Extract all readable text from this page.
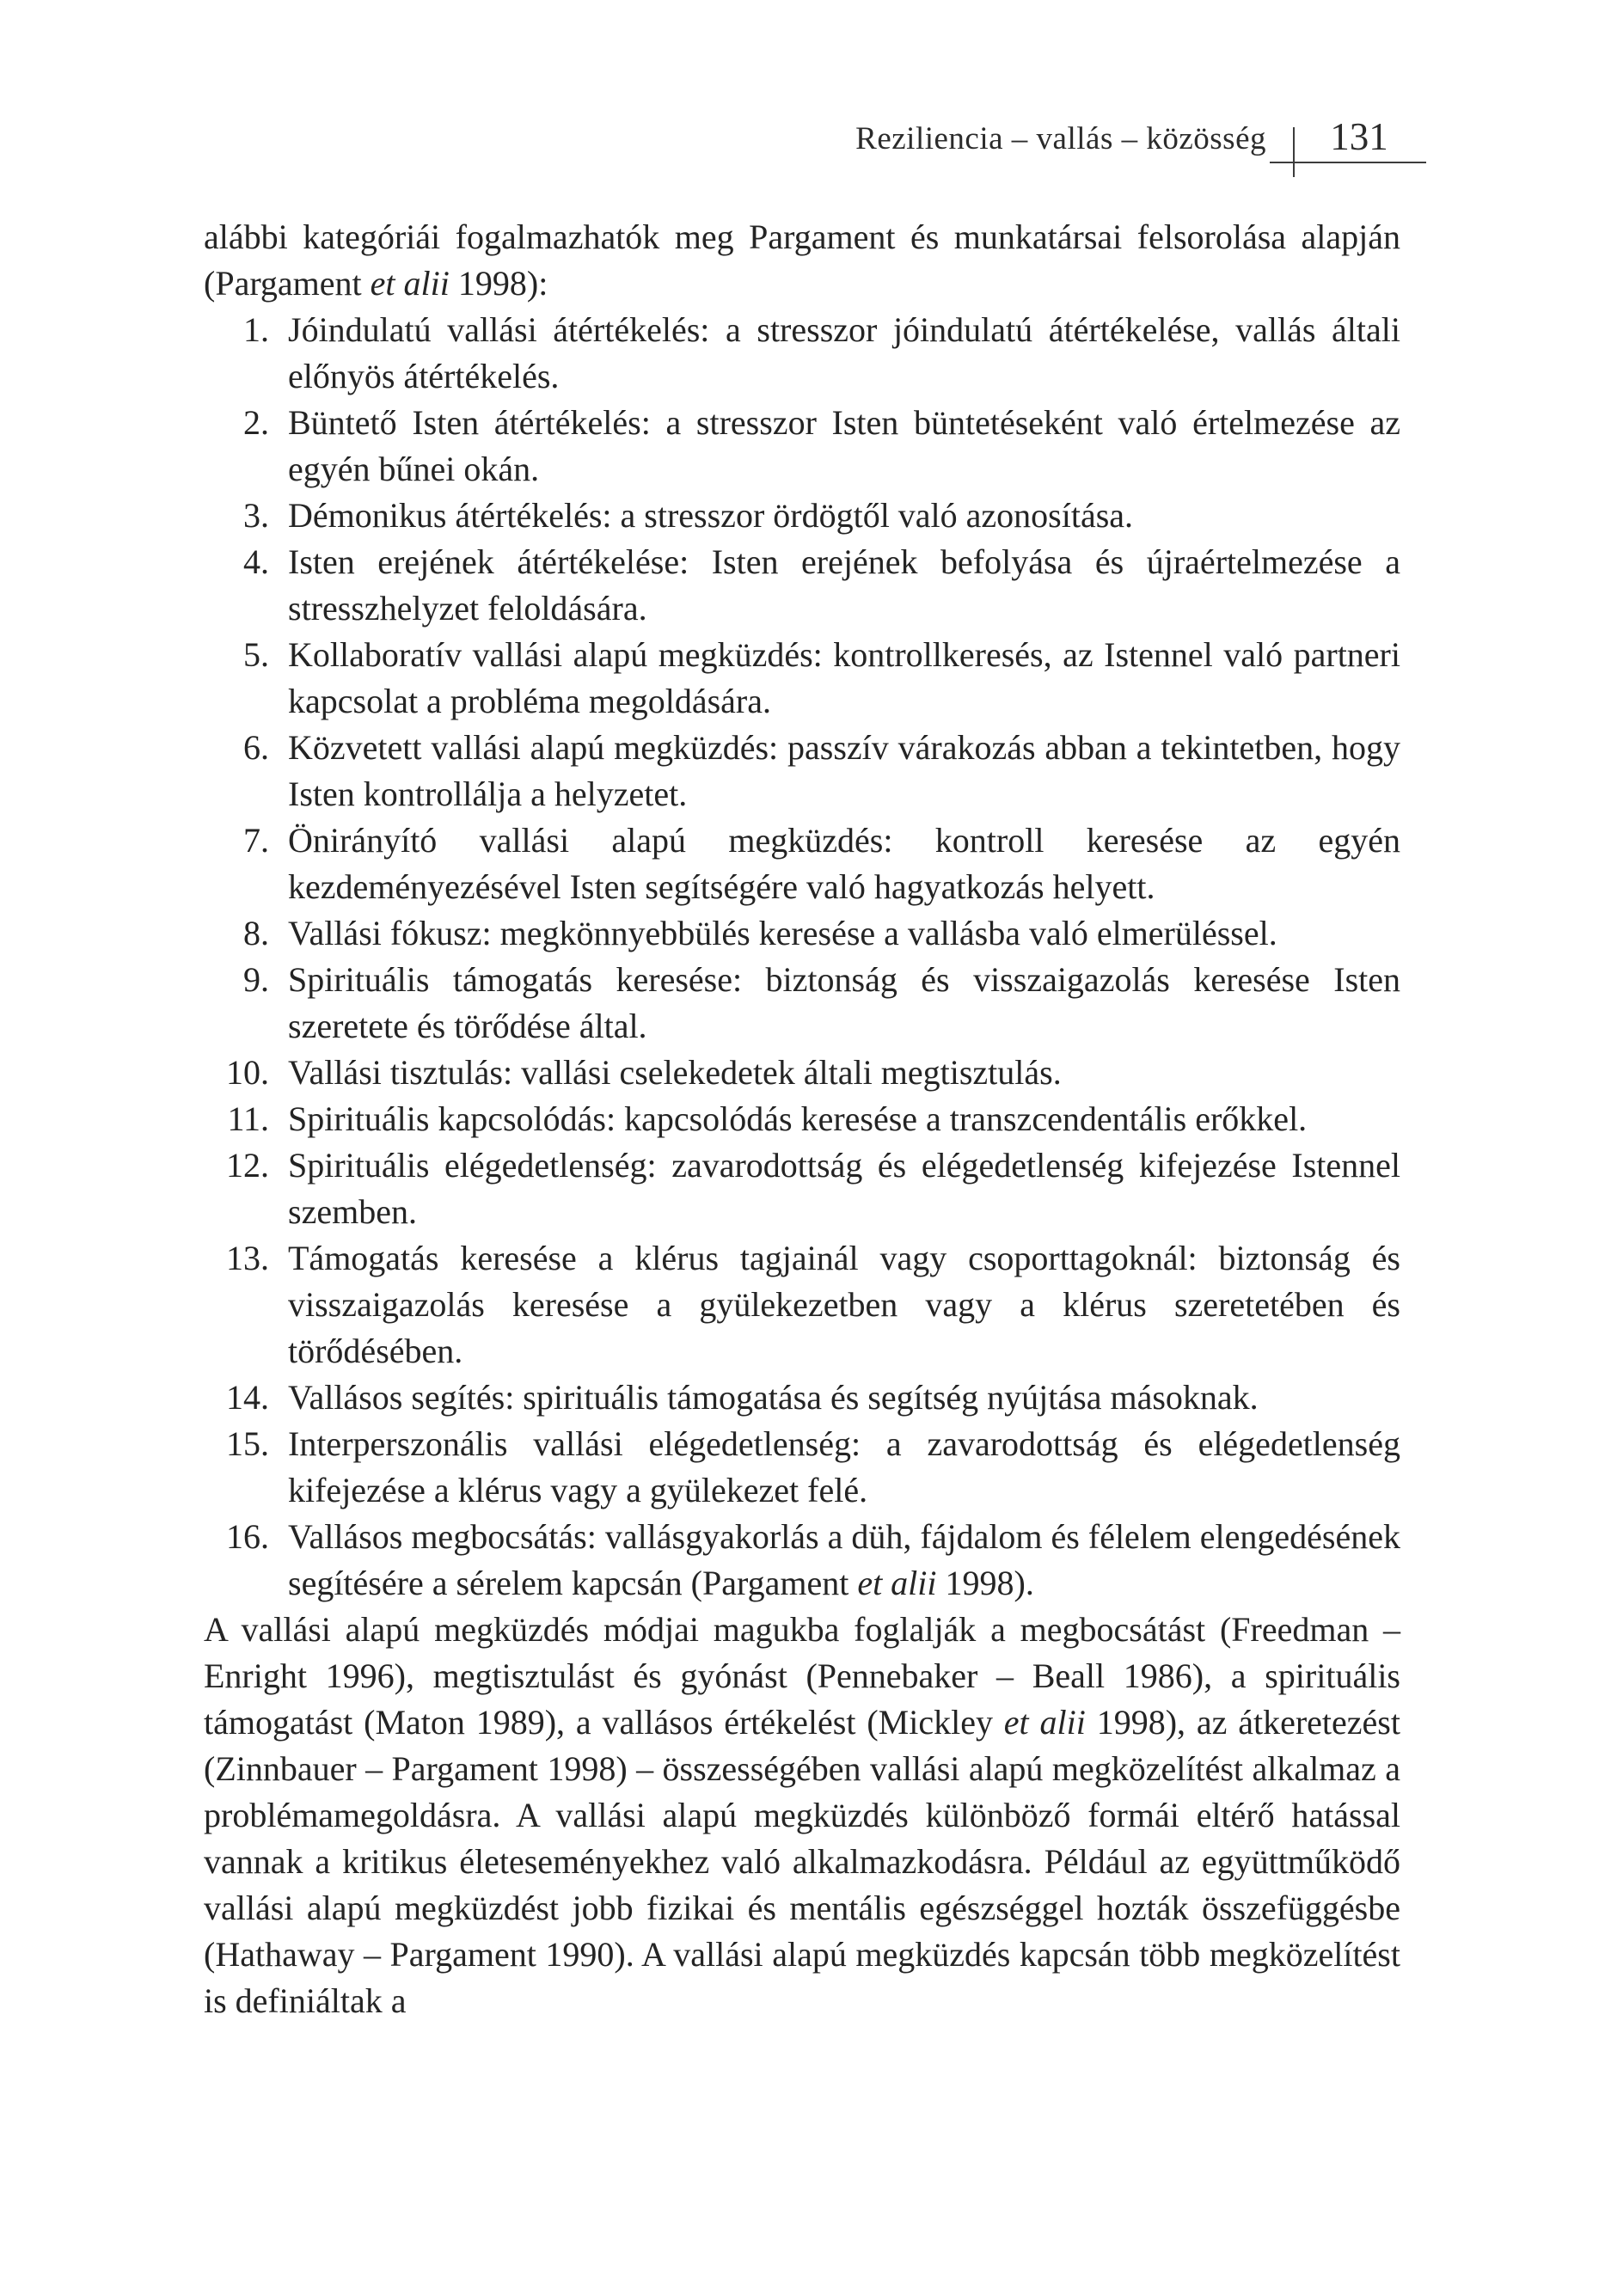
Reziliencia – vallás – közösség	131

alábbi kategóriái fogalmazhatók meg Pargament és munkatársai felsorolása alapján (Pargament et alii 1998):

1. Jóindulatú vallási átértékelés: a stresszor jóindulatú átértékelése, vallás általi előnyös átértékelés.
2. Büntető Isten átértékelés: a stresszor Isten büntetéseként való értelmezése az egyén bűnei okán.
3. Démonikus átértékelés: a stresszor ördögtől való azonosítása.
4. Isten erejének átértékelése: Isten erejének befolyása és újraértelmezése a stresszhelyzet feloldására.
5. Kollaboratív vallási alapú megküzdés: kontrollkeresés, az Istennel való partneri kapcsolat a probléma megoldására.
6. Közvetett vallási alapú megküzdés: passzív várakozás abban a tekintetben, hogy Isten kontrollálja a helyzetet.
7. Önirányító vallási alapú megküzdés: kontroll keresése az egyén kezdeményezésével Isten segítségére való hagyatkozás helyett.
8. Vallási fókusz: megkönnyebbülés keresése a vallásba való elmerüléssel.
9. Spirituális támogatás keresése: biztonság és visszaigazolás keresése Isten szeretete és törődése által.
10. Vallási tisztulás: vallási cselekedetek általi megtisztulás.
11. Spirituális kapcsolódás: kapcsolódás keresése a transzcendentális erőkkel.
12. Spirituális elégedetlenség: zavarodottság és elégedetlenség kifejezése Istennel szemben.
13. Támogatás keresése a klérus tagjainál vagy csoporttagoknál: biztonság és visszaigazolás keresése a gyülekezetben vagy a klérus szeretetében és törődésében.
14. Vallásos segítés: spirituális támogatása és segítség nyújtása másoknak.
15. Interperszonális vallási elégedetlenség: a zavarodottság és elégedetlenség kifejezése a klérus vagy a gyülekezet felé.
16. Vallásos megbocsátás: vallásgyakorlás a düh, fájdalom és félelem elengedésének segítésére a sérelem kapcsán (Pargament et alii 1998).

A vallási alapú megküzdés módjai magukba foglalják a megbocsátást (Freedman – Enright 1996), megtisztulást és gyónást (Pennebaker – Beall 1986), a spirituális támogatást (Maton 1989), a vallásos értékelést (Mickley et alii 1998), az átkeretezést (Zinnbauer – Pargament 1998) – összességében vallási alapú megközelítést alkalmaz a problémamegoldásra. A vallási alapú megküzdés különböző formái eltérő hatással vannak a kritikus életeseményekhez való alkalmazkodásra. Például az együttműködő vallási alapú megküzdést jobb fizikai és mentális egészséggel hozták összefüggésbe (Hathaway – Pargament 1990). A vallási alapú megküzdés kapcsán több megközelítést is definiáltak a
